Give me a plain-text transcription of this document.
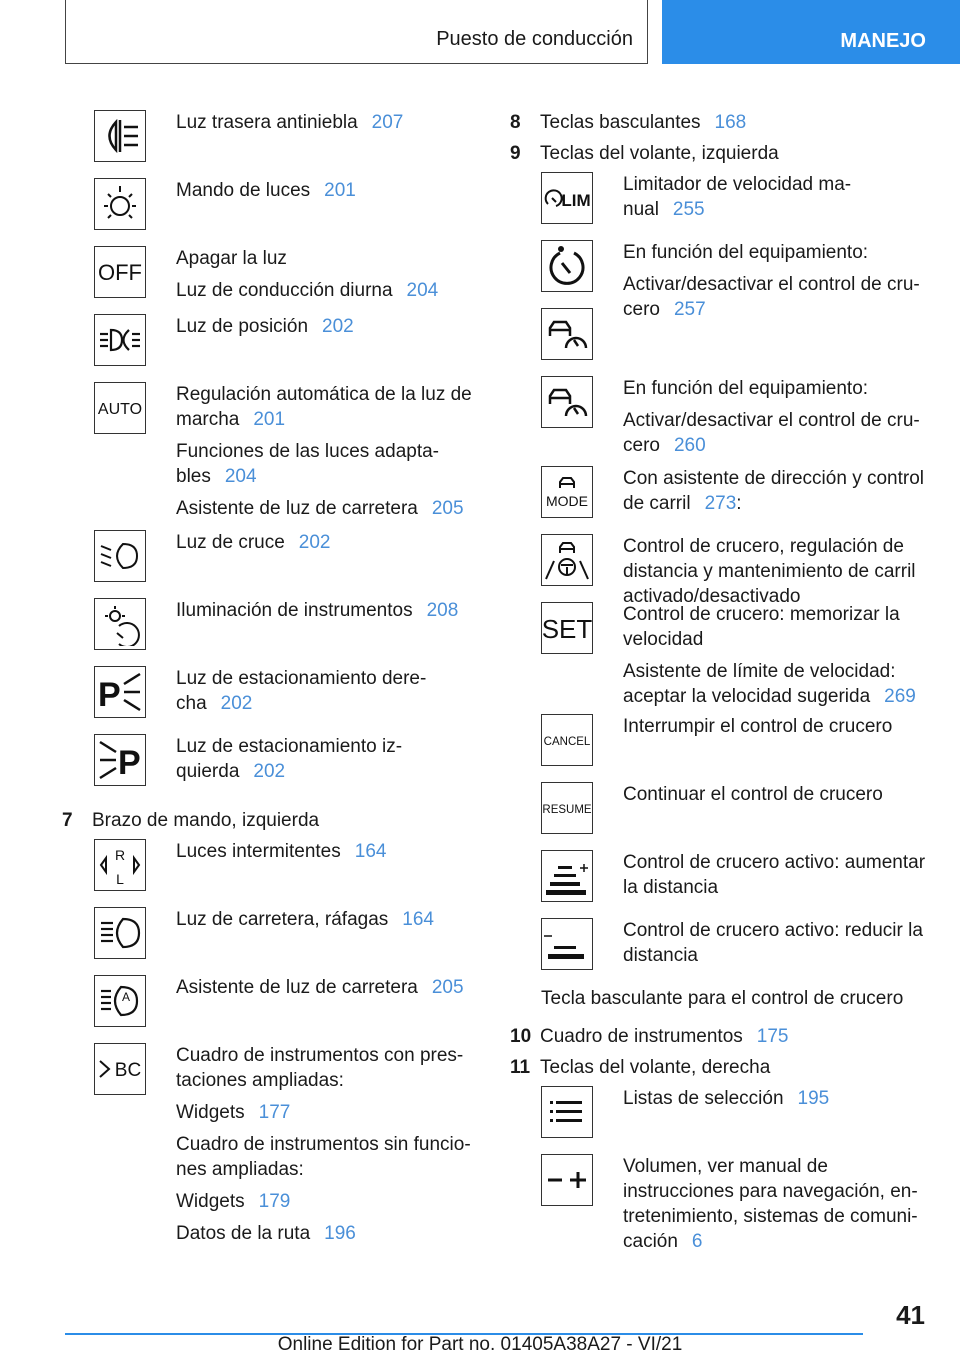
Puesto de conducción	MANEJO

Luz trasera antiniebla 207

Mando de luces 201

OFF

Apagar la luz

Luz de conducción diurna 204

Luz de posición 202

AUTO

Regulación automática de la luz de marcha 201

Funciones de las luces adapta-bles 204

Asistente de luz de carretera 205

Luz de cruce 202

Iluminación de instrumentos 208

P	Luz de estacionamiento dere-cha 202

P Luz de estacionamiento iz-quierda 202

7	Brazo de mando, izquierda
R
L

Luces intermitentes 164

Luz de carretera, ráfagas 164

A Asistente de luz de carretera 205

BC

Cuadro de instrumentos con pres-taciones ampliadas:

Widgets 177

Cuadro de instrumentos sin funcio-nes ampliadas:

Widgets 179

Datos de la ruta 196

8	Teclas basculantes 168
9	Teclas del volante, izquierda
LIM
Limitador de velocidad ma-
nual 255

En función del equipamiento:

Activar/desactivar el control de cru-
cero 257

En función del equipamiento:

Activar/desactivar el control de cru-
cero 260
MODE
Con asistente de dirección y control
de carril 273:
Control de crucero, regulación de
distancia y mantenimiento de carril
activado/desactivado
SET Control de crucero: memorizar la

velocidad

Asistente de límite de velocidad:
aceptar la velocidad sugerida 269
CANCEL
Interrumpir el control de crucero
RESUME
Continuar el control de crucero
Control de crucero activo: aumentar
la distancia
Control de crucero activo: reducir la
distancia
Tecla basculante para el control de crucero
10 Cuadro de instrumentos 175
11 Teclas del volante, derecha
Listas de selección 195
Volumen, ver manual de
instrucciones para navegación, en-
tretenimiento, sistemas de comuni-
cación 6
41
Online Edition for Part no. 01405A38A27 - VI/21
